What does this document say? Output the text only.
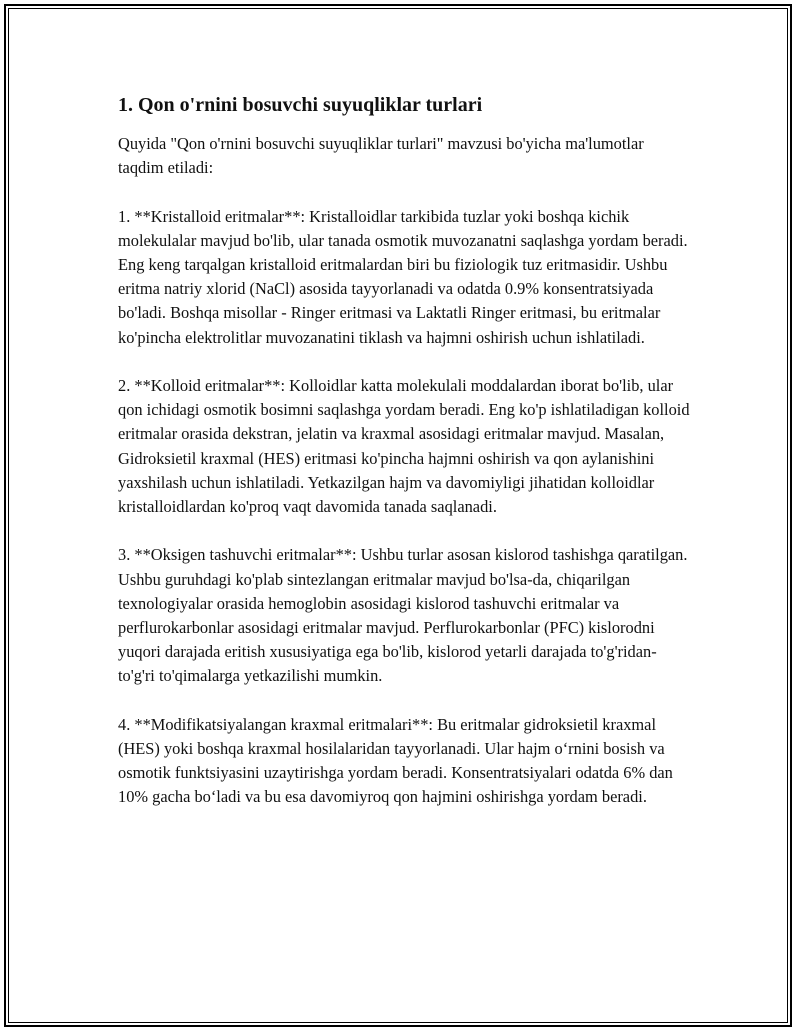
1. Qon o'rnini bosuvchi suyuqliklar turlari

Quyida "Qon o'rnini bosuvchi suyuqliklar turlari" mavzusi bo'yicha ma'lumotlar taqdim etiladi:

1. **Kristalloid eritmalar**: Kristalloidlar tarkibida tuzlar yoki boshqa kichik molekulalar mavjud bo'lib, ular tanada osmotik muvozanatni saqlashga yordam beradi. Eng keng tarqalgan kristalloid eritmalardan biri bu fiziologik tuz eritmasidir. Ushbu eritma natriy xlorid (NaCl) asosida tayyorlanadi va odatda 0.9% konsentratsiyada bo'ladi. Boshqa misollar - Ringer eritmasi va Laktatli Ringer eritmasi, bu eritmalar ko'pincha elektrolitlar muvozanatini tiklash va hajmni oshirish uchun ishlatiladi.

2. **Kolloid eritmalar**: Kolloidlar katta molekulali moddalardan iborat bo'lib, ular qon ichidagi osmotik bosimni saqlashga yordam beradi. Eng ko'p ishlatiladigan kolloid eritmalar orasida dekstran, jelatin va kraxmal asosidagi eritmalar mavjud. Masalan, Gidroksietil kraxmal (HES) eritmasi ko'pincha hajmni oshirish va qon aylanishini yaxshilash uchun ishlatiladi. Yetkazilgan hajm va davomiyligi jihatidan kolloidlar kristalloidlardan ko'proq vaqt davomida tanada saqlanadi.

3. **Oksigen tashuvchi eritmalar**: Ushbu turlar asosan kislorod tashishga qaratilgan. Ushbu guruhdagi ko'plab sintezlangan eritmalar mavjud bo'lsa-da, chiqarilgan texnologiyalar orasida hemoglobin asosidagi kislorod tashuvchi eritmalar va perflurokarbonlar asosidagi eritmalar mavjud. Perflurokarbonlar (PFC) kislorodni yuqori darajada eritish xususiyatiga ega bo'lib, kislorod yetarli darajada to'g'ridan-to'g'ri to'qimalarga yetkazilishi mumkin.

4. **Modifikatsiyalangan kraxmal eritmalari**: Bu eritmalar gidroksietil kraxmal (HES) yoki boshqa kraxmal hosilalaridan tayyorlanadi. Ular hajm o‘rnini bosish va osmotik funktsiyasini uzaytirishga yordam beradi. Konsentratsiyalari odatda 6% dan 10% gacha bo‘ladi va bu esa davomiyroq qon hajmini oshirishga yordam beradi.
